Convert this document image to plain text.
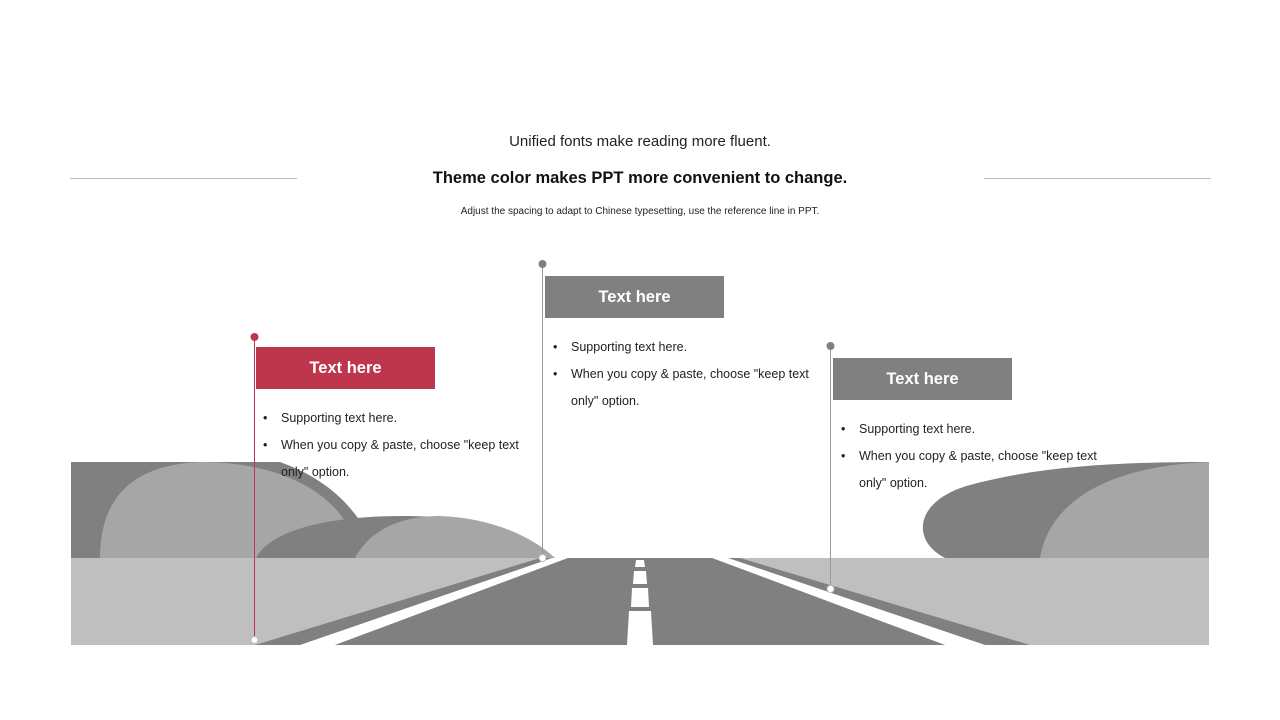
Unified fonts make reading more fluent.
Theme color makes PPT more convenient to change.
Adjust the spacing to adapt to Chinese typesetting, use the reference line in PPT.
Text here
•	Supporting text here.
•	When you copy & paste, choose "keep text only" option.
Text here
•	Supporting text here.
•	When you copy & paste, choose "keep text only" option.
Text here
•	Supporting text here.
•	When you copy & paste, choose "keep text only" option.
